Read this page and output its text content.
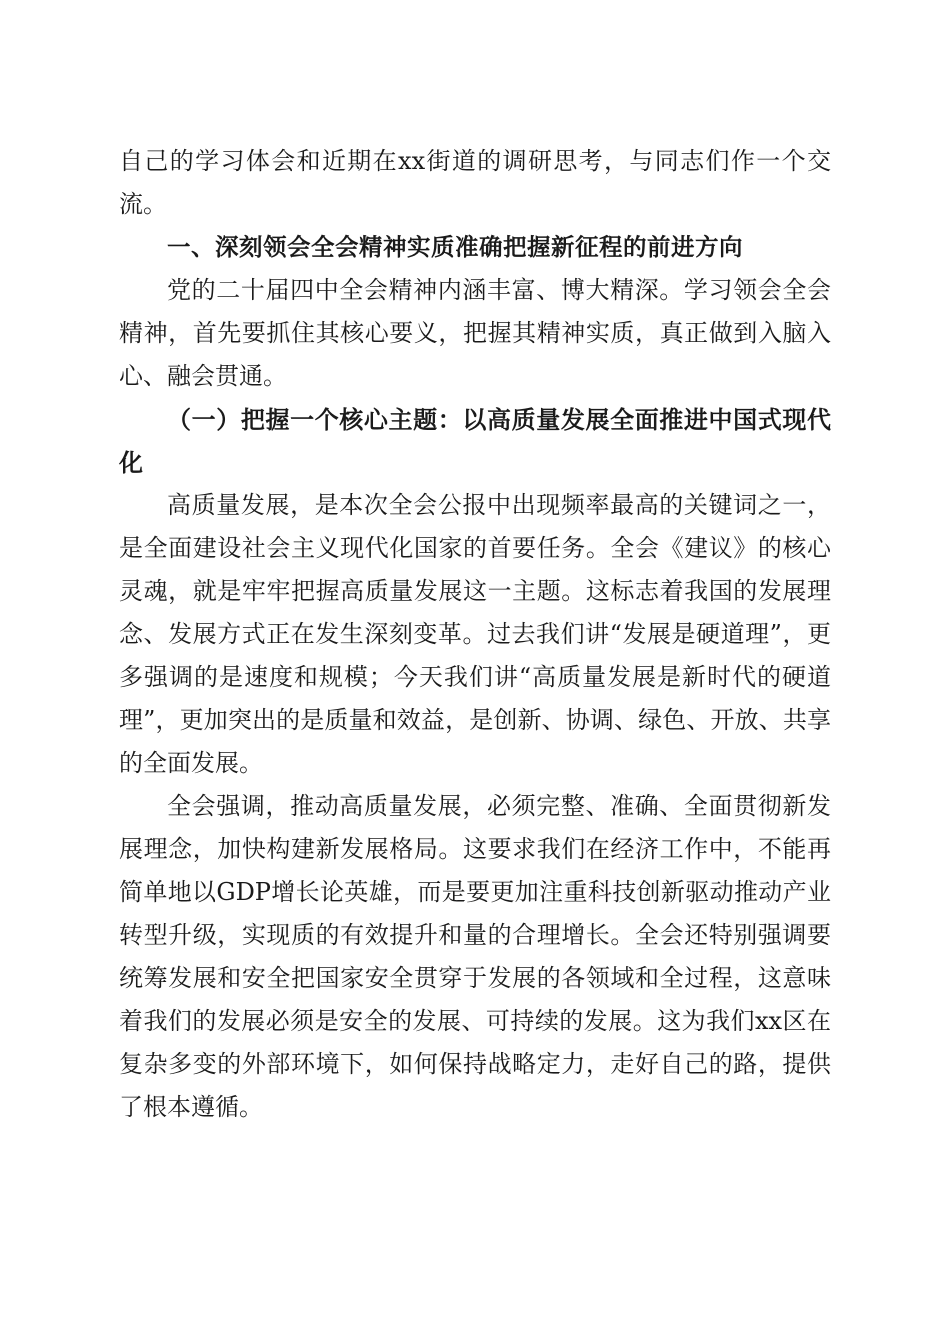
自己的学习体会和近期在xx街道的调研思考，与同志们作一个交流。

一、深刻领会全会精神实质准确把握新征程的前进方向

党的二十届四中全会精神内涵丰富、博大精深。学习领会全会精神，首先要抓住其核心要义，把握其精神实质，真正做到入脑入心、融会贯通。

（一）把握一个核心主题：以高质量发展全面推进中国式现代化

高质量发展，是本次全会公报中出现频率最高的关键词之一，是全面建设社会主义现代化国家的首要任务。全会《建议》的核心灵魂，就是牢牢把握高质量发展这一主题。这标志着我国的发展理念、发展方式正在发生深刻变革。过去我们讲“发展是硬道理”，更多强调的是速度和规模；今天我们讲“高质量发展是新时代的硬道理”，更加突出的是质量和效益，是创新、协调、绿色、开放、共享的全面发展。

全会强调，推动高质量发展，必须完整、准确、全面贯彻新发展理念，加快构建新发展格局。这要求我们在经济工作中，不能再简单地以GDP增长论英雄，而是要更加注重科技创新驱动推动产业转型升级，实现质的有效提升和量的合理增长。全会还特别强调要统筹发展和安全把国家安全贯穿于发展的各领域和全过程，这意味着我们的发展必须是安全的发展、可持续的发展。这为我们xx区在复杂多变的外部环境下，如何保持战略定力，走好自己的路，提供了根本遵循。
